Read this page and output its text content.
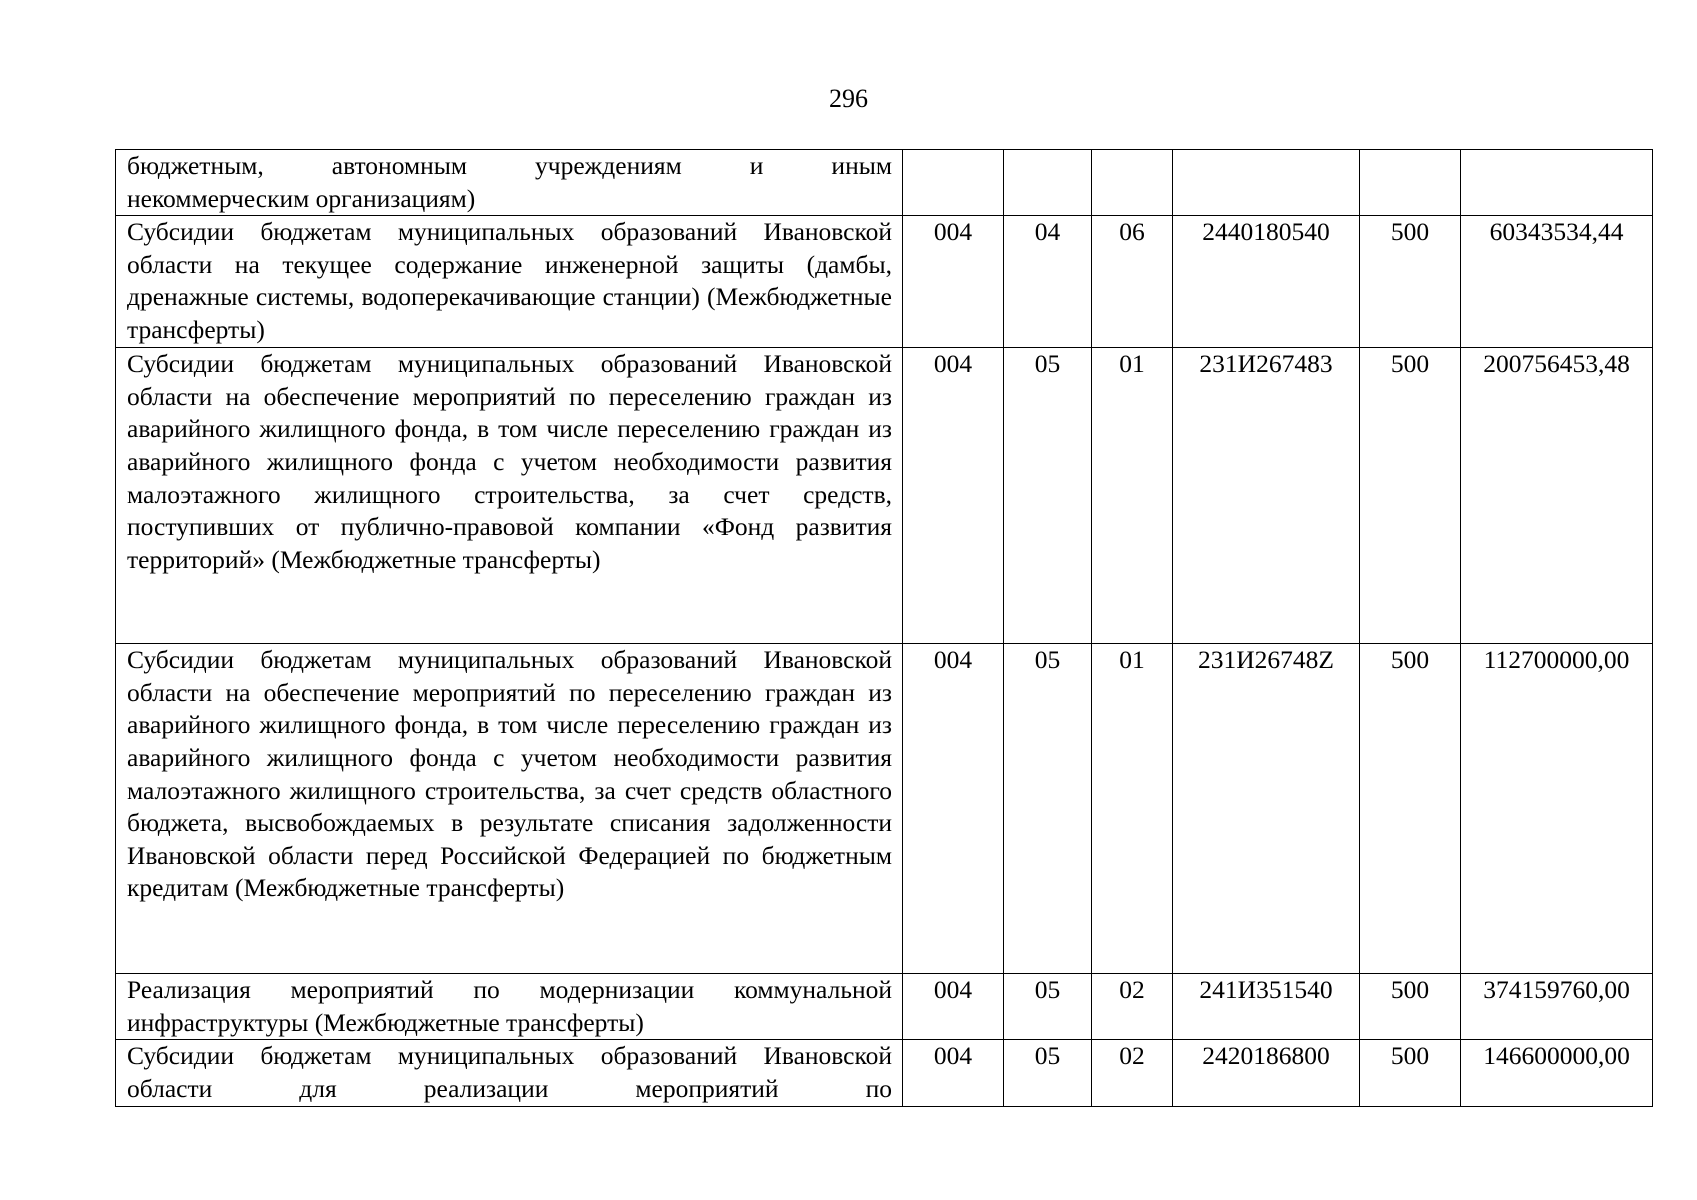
296
бюджетным, автономным учреждениям и иным
некоммерческим организациям)						

Субсидии бюджетам муниципальных образований Ивановской области на текущее содержание инженерной защиты (дамбы, дренажные системы, водоперекачивающие станции) (Межбюджетные трансферты)	004	04	06	2440180540	500	60343534,44
Субсидии бюджетам муниципальных образований Ивановской области на обеспечение мероприятий по переселению граждан из аварийного жилищного фонда, в том числе переселению граждан из аварийного жилищного фонда с учетом необходимости развития малоэтажного жилищного строительства, за счет средств, поступивших от публично-правовой компании «Фонд развития территорий» (Межбюджетные трансферты)	004	05	01	231И267483	500	200756453,48
Субсидии бюджетам муниципальных образований Ивановской области на обеспечение мероприятий по переселению граждан из аварийного жилищного фонда, в том числе переселению граждан из аварийного жилищного фонда с учетом необходимости развития малоэтажного жилищного строительства, за счет средств областного бюджета, высвобождаемых в результате списания задолженности Ивановской области перед Российской Федерацией по бюджетным кредитам (Межбюджетные трансферты)	004	05	01	231И26748Z	500	112700000,00
Реализация мероприятий по модернизации коммунальной инфраструктуры (Межбюджетные трансферты)	004	05	02	241И351540	500	374159760,00
Субсидии бюджетам муниципальных образований Ивановской области для реализации мероприятий по	004	05	02	2420186800	500	146600000,00
